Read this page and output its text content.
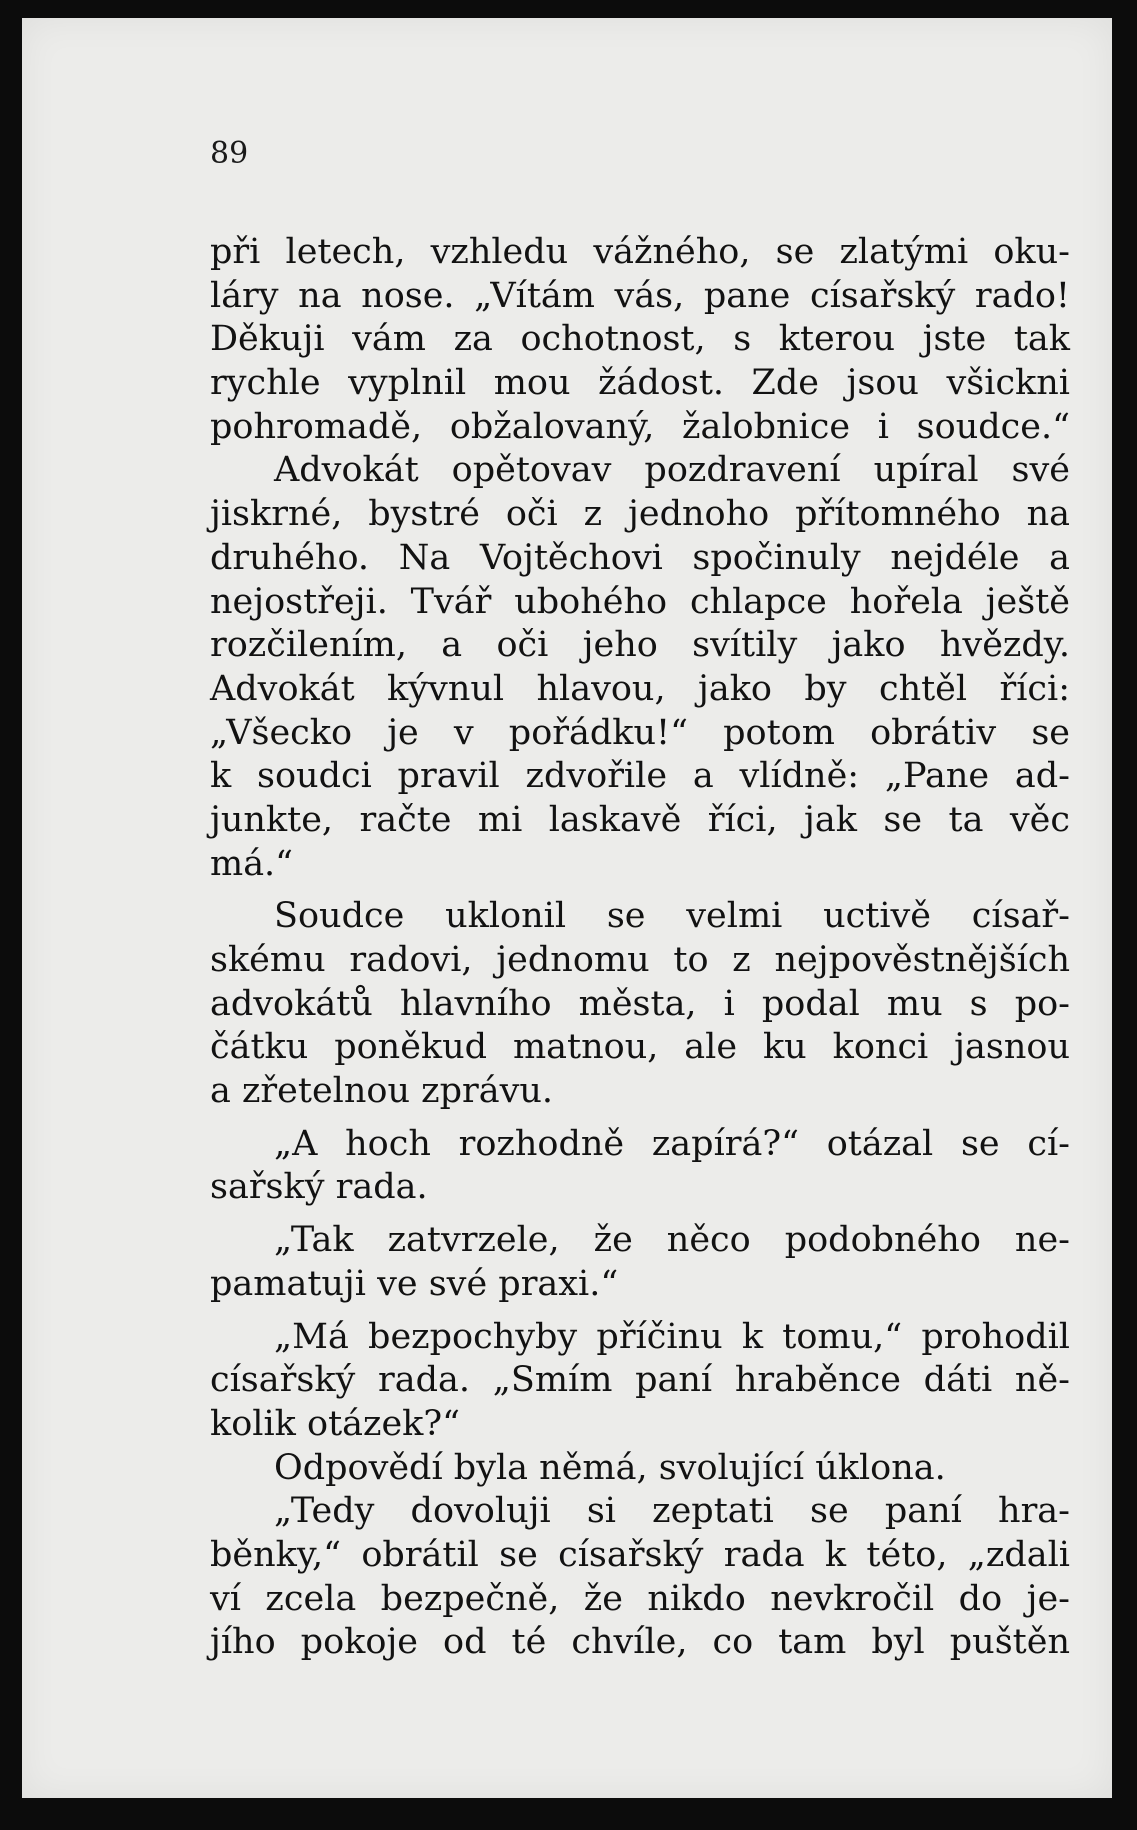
89

při letech, vzhledu vážného, se zlatými oku-
láry na nose. „Vítám vás, pane císařský rado!
Děkuji vám za ochotnost, s kterou jste tak
rychle vyplnil mou žádost. Zde jsou všickni
pohromadě, obžalovaný, žalobnice i soudce.“
Advokát opětovav pozdravení upíral své
jiskrné, bystré oči z jednoho přítomného na
druhého. Na Vojtěchovi spočinuly nejdéle a
nejostřeji. Tvář ubohého chlapce hořela ještě
rozčilením, a oči jeho svítily jako hvězdy.
Advokát kývnul hlavou, jako by chtěl říci:
„Všecko je v pořádku!“ potom obrátiv se
k soudci pravil zdvořile a vlídně: „Pane ad-
junkte, račte mi laskavě říci, jak se ta věc
má.“
Soudce uklonil se velmi uctivě císař-
skému radovi, jednomu to z nejpověstnějších
advokátů hlavního města, i podal mu s po-
čátku poněkud matnou, ale ku konci jasnou
a zřetelnou zprávu.
„A hoch rozhodně zapírá?“ otázal se cí-
sařský rada.
„Tak zatvrzele, že něco podobného ne-
pamatuji ve své praxi.“
„Má bezpochyby příčinu k tomu,“ prohodil
císařský rada. „Smím paní hraběnce dáti ně-
kolik otázek?“
Odpovědí byla němá, svolující úklona.
„Tedy dovoluji si zeptati se paní hra-
běnky,“ obrátil se císařský rada k této, „zdali
ví zcela bezpečně, že nikdo nevkročil do je-
jího pokoje od té chvíle, co tam byl puštěn
